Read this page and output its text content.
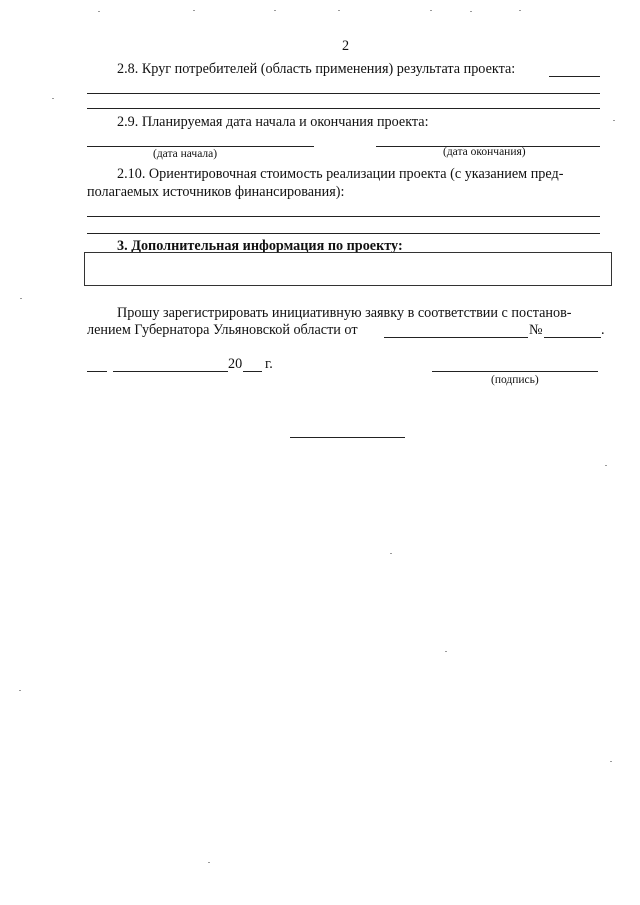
2
2.8. Круг потребителей (область применения) результата проекта:
2.9. Планируемая дата начала и окончания проекта:
(дата начала)	(дата окончания)
2.10. Ориентировочная стоимость реализации проекта (с указанием пред-
полагаемых источников финансирования):
3. Дополнительная информация по проекту:
Прошу зарегистрировать инициативную заявку в соответствии с постанов-
лением Губернатора Ульяновской области от	№	.
20 г.
(подпись)
